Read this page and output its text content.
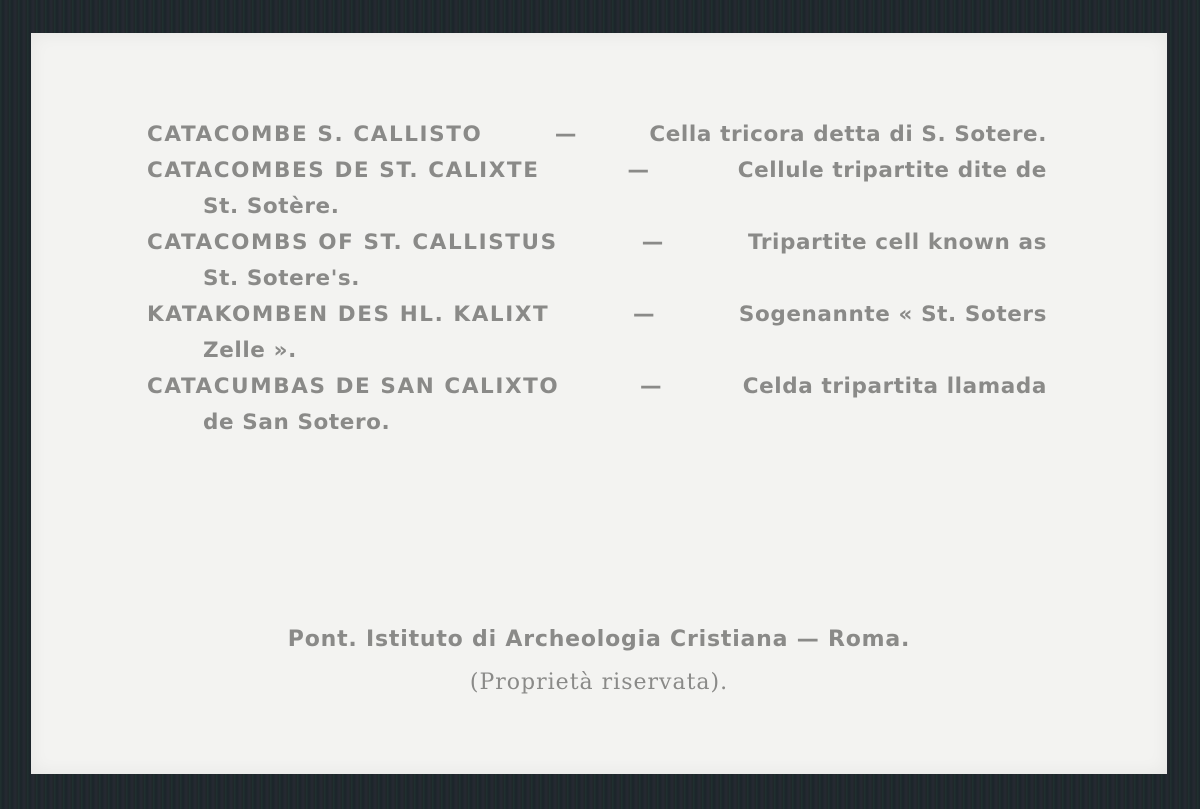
CATACOMBE S. CALLISTO	—	Cella tricora detta di S. Sotere.
CATACOMBES DE ST. CALIXTE	—	Cellule tripartite dite de
St. Sotère.
CATACOMBS OF ST. CALLISTUS	—	Tripartite cell known as
St. Sotere's.
KATAKOMBEN DES HL. KALIXT	—	Sogenannte « St. Soters
Zelle ».
CATACUMBAS DE SAN CALIXTO	—	Celda tripartita llamada
de San Sotero.
Pont. Istituto di Archeologia Cristiana — Roma.
(Proprietà riservata).
